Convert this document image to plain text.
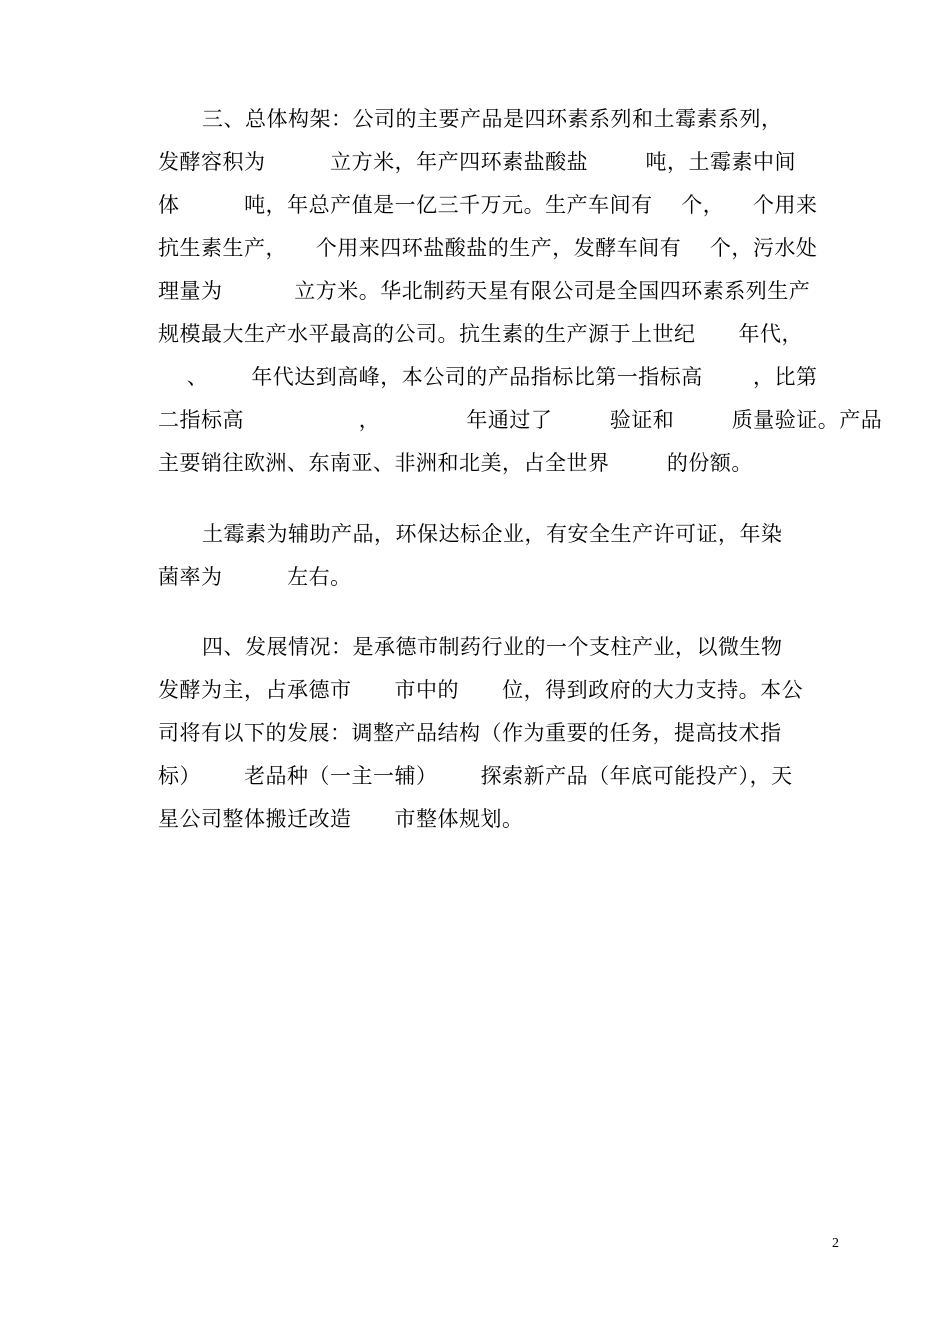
三、总体构架：公司的主要产品是四环素系列和土霉素系列，
发酵容积为         立方米，年产四环素盐酸盐        吨，土霉素中间
体         吨，年总产值是一亿三千万元。生产车间有    个，    个用来
抗生素生产，    个用来四环盐酸盐的生产，发酵车间有    个，污水处
理量为          立方米。华北制药天星有限公司是全国四环素系列生产
规模最大生产水平最高的公司。抗生素的生产源于上世纪      年代，
、      年代达到高峰，本公司的产品指标比第一指标高       ，比第
二指标高                ，            年通过了        验证和        质量验证。产品
主要销往欧洲、东南亚、非洲和北美，占全世界        的份额。
土霉素为辅助产品，环保达标企业，有安全生产许可证，年染
菌率为         左右。
四、发展情况：是承德市制药行业的一个支柱产业，以微生物
发酵为主，占承德市      市中的      位，得到政府的大力支持。本公
司将有以下的发展：调整产品结构（作为重要的任务，提高技术指
标）      老品种（一主一辅）      探索新产品（年底可能投产），天
星公司整体搬迁改造      市整体规划。
2
